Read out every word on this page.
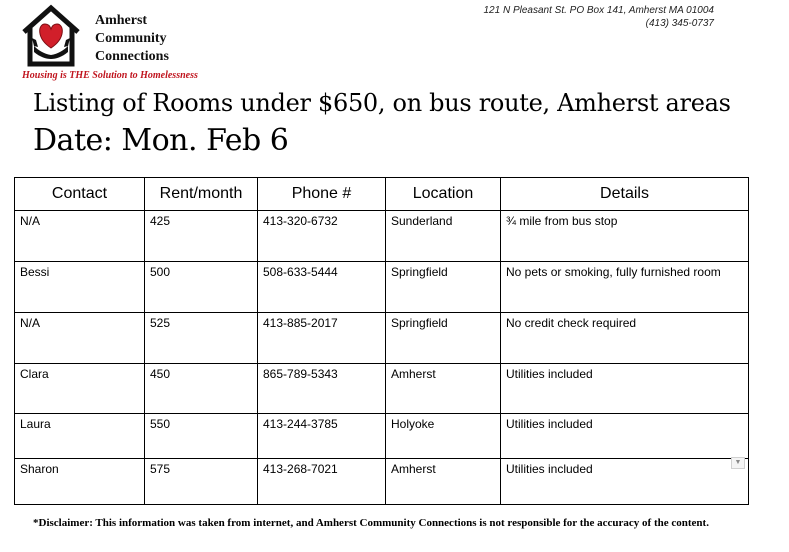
Amherst
Community
Connections
Housing is THE Solution to Homelessness
121 N Pleasant St. PO Box 141, Amherst MA 01004
(413) 345-0737
Listing of Rooms under $650, on bus route, Amherst areas
Date: Mon. Feb 6
Contact	Rent/month	Phone #	Location	Details
N/A	425	413-320-6732	Sunderland	¾ mile from bus stop
Bessi	500	508-633-5444	Springfield	No pets or smoking, fully furnished room
N/A	525	413-885-2017	Springfield	No credit check required
Clara	450	865-789-5343	Amherst	Utilities included
Laura	550	413-244-3785	Holyoke	Utilities included
Sharon	575	413-268-7021	Amherst	Utilities included ▼
*Disclaimer: This information was taken from internet, and Amherst Community Connections is not responsible for the accuracy of the content.
